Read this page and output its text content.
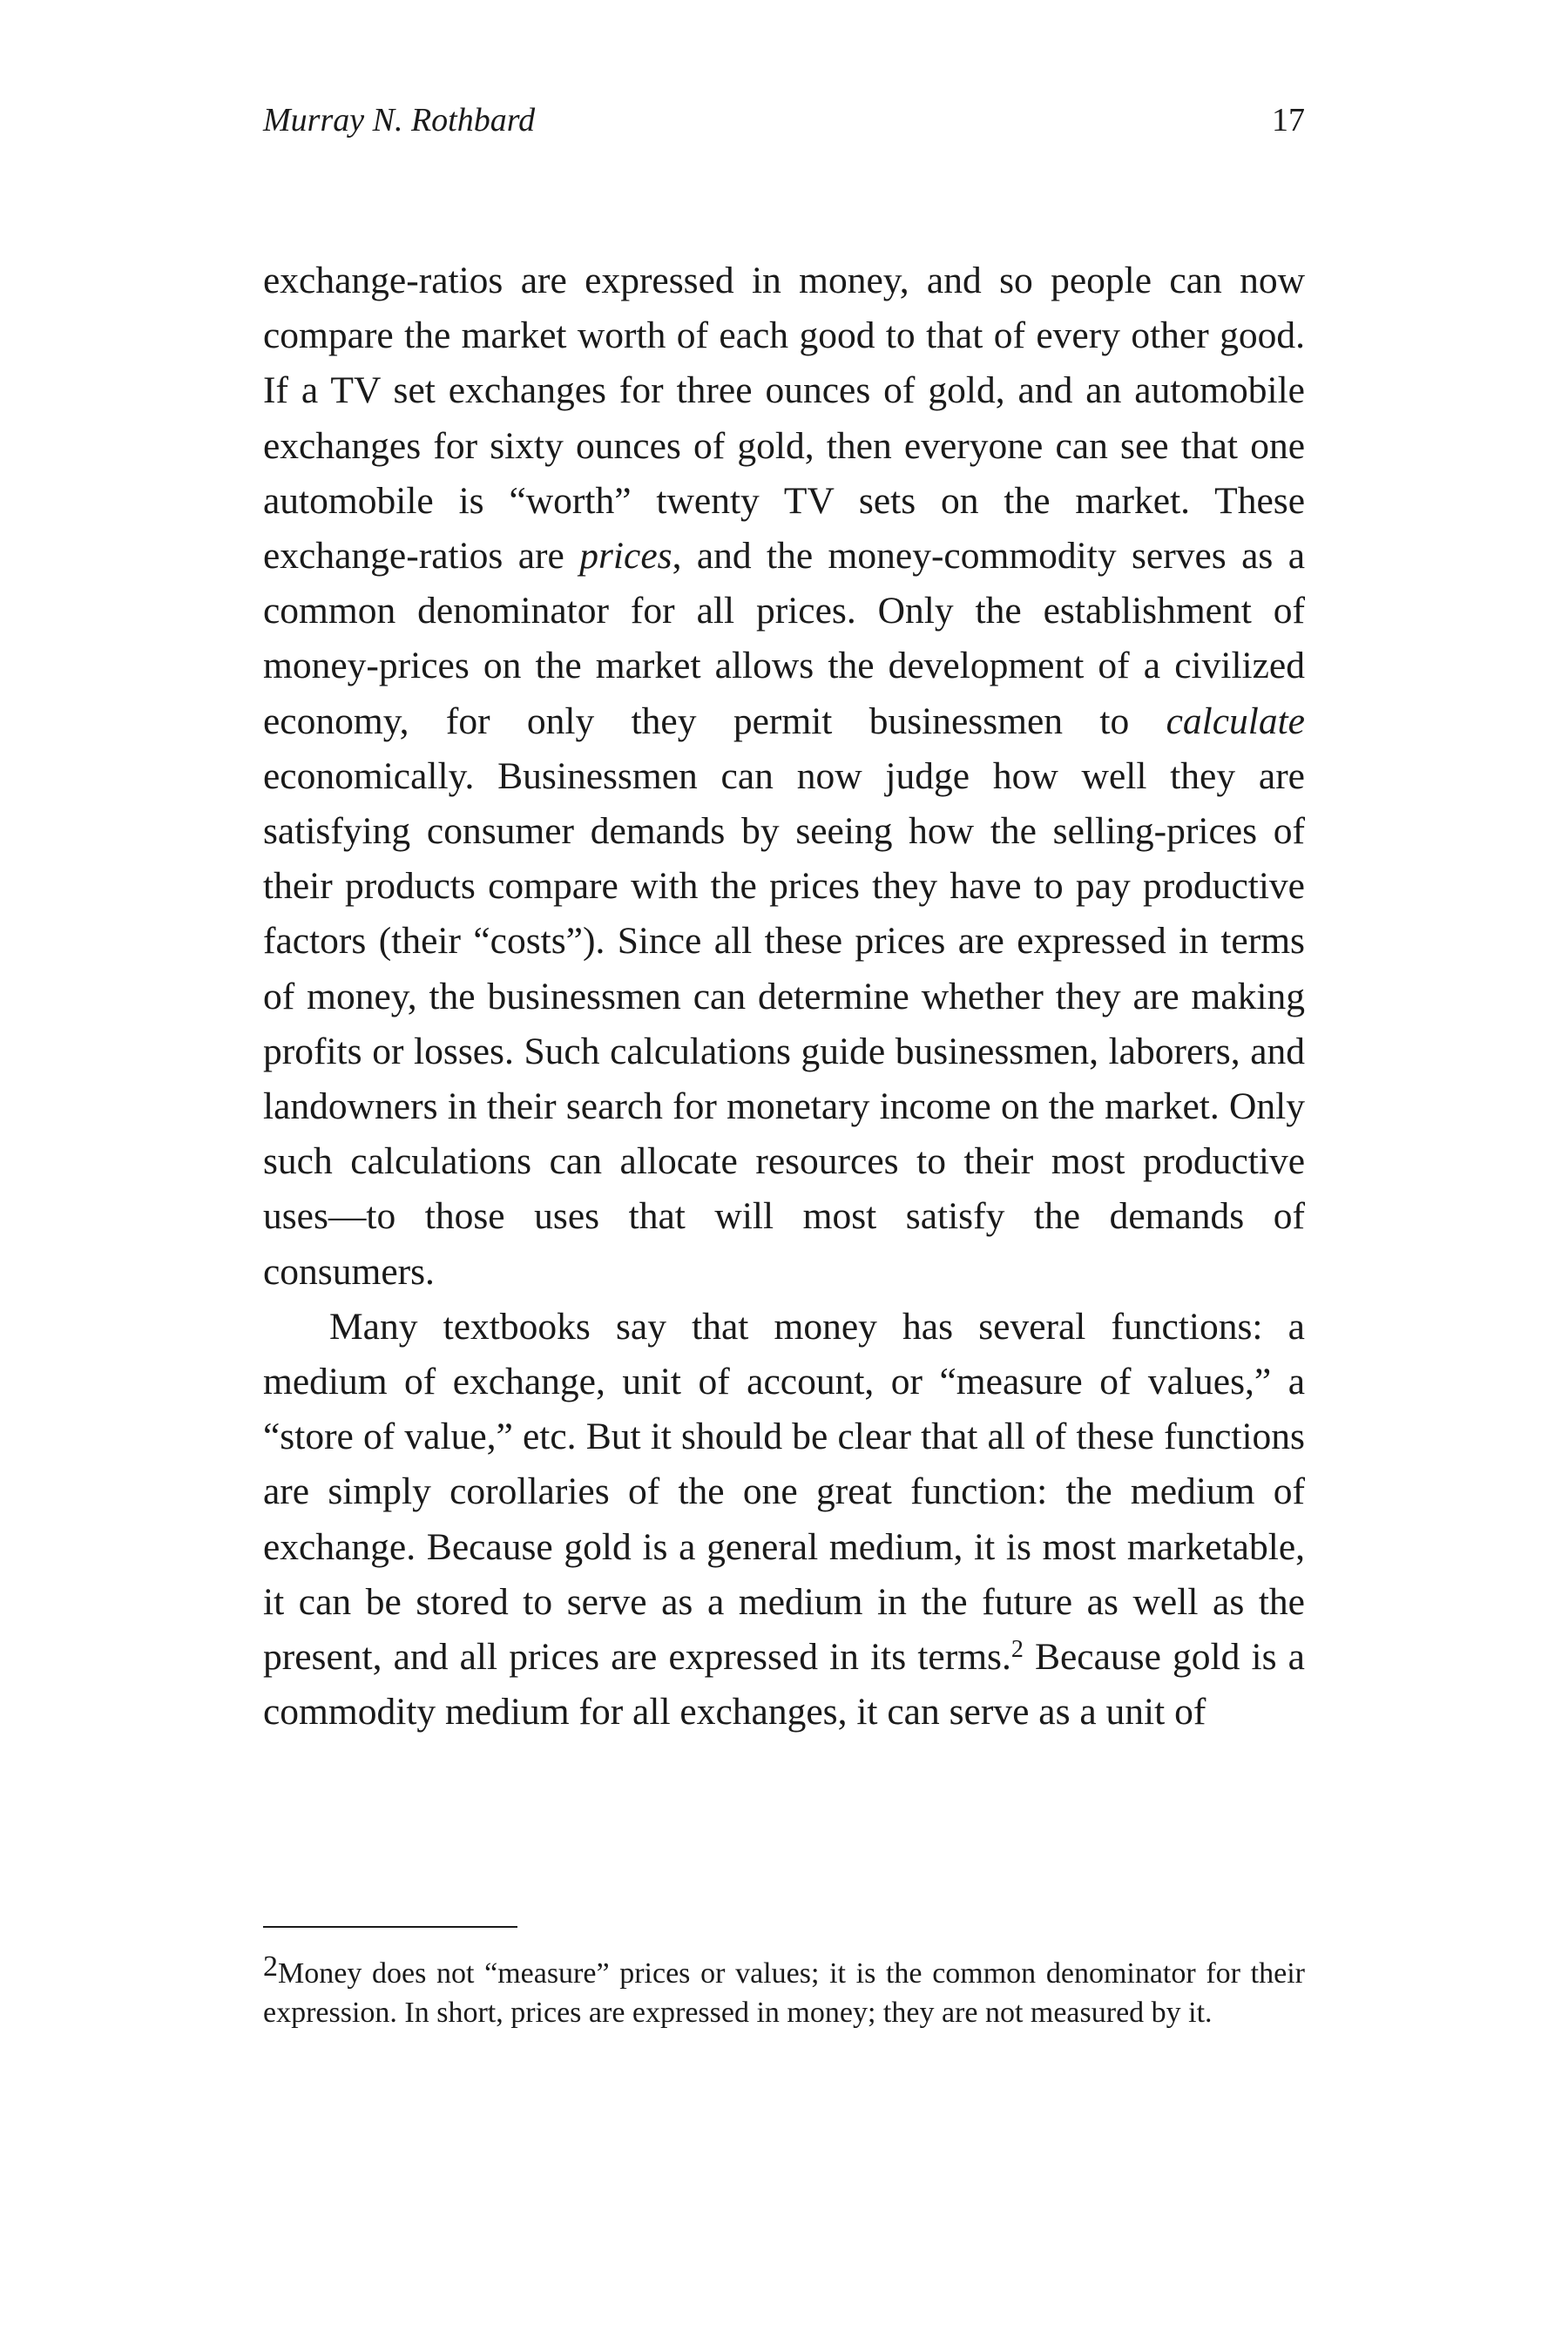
Murray N. Rothbard	17

exchange-ratios are expressed in money, and so people can now compare the market worth of each good to that of every other good. If a TV set exchanges for three ounces of gold, and an automobile exchanges for sixty ounces of gold, then everyone can see that one automobile is “worth” twenty TV sets on the market. These exchange-ratios are prices, and the money-commodity serves as a common denominator for all prices. Only the establishment of money-prices on the market allows the development of a civilized economy, for only they permit businessmen to calculate economically. Businessmen can now judge how well they are satisfying consumer demands by seeing how the selling-prices of their products compare with the prices they have to pay productive factors (their “costs”). Since all these prices are expressed in terms of money, the businessmen can determine whether they are making profits or losses. Such calculations guide businessmen, laborers, and landowners in their search for monetary income on the market. Only such calculations can allocate resources to their most productive uses—to those uses that will most satisfy the demands of consumers.

Many textbooks say that money has several functions: a medium of exchange, unit of account, or “measure of values,” a “store of value,” etc. But it should be clear that all of these functions are simply corollaries of the one great function: the medium of exchange. Because gold is a general medium, it is most marketable, it can be stored to serve as a medium in the future as well as the present, and all prices are expressed in its terms.$^2$ Because gold is a commodity medium for all exchanges, it can serve as a unit of

2Money does not “measure” prices or values; it is the common denominator for their expression. In short, prices are expressed in money; they are not measured by it.
